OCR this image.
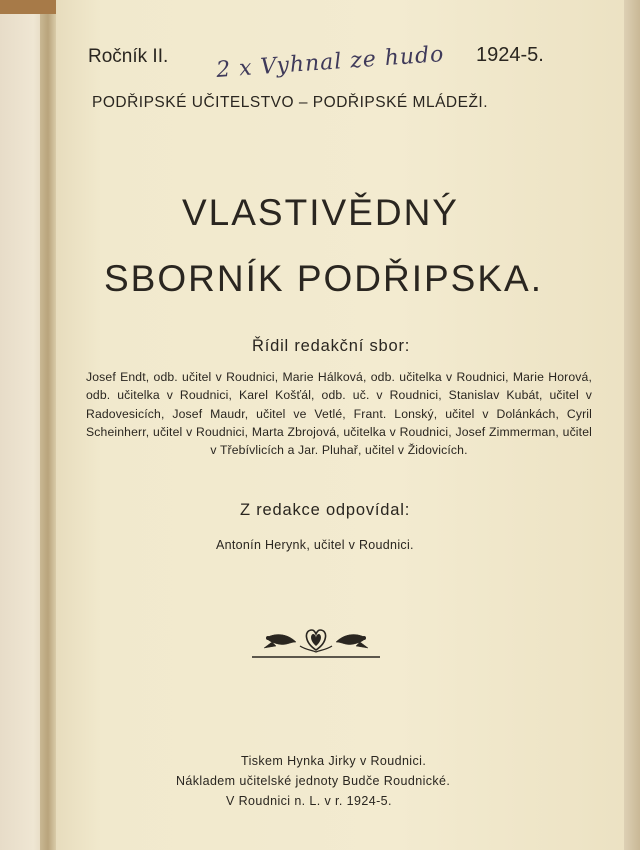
Ročník II. 2 x Vyhnal ze hudo 1924-5.
PODŘIPSKÉ UČITELSTVO – PODŘIPSKÉ MLÁDEŽI.
VLASTIVĚDNÝ
SBORNÍK PODŘIPSKA.
Řídil redakční sbor:
Josef Endt, odb. učitel v Roudnici, Marie Hálková, odb. učitelka v Roudnici, Marie Horová, odb. učitelka v Roudnici, Karel Košťál, odb. uč. v Roudnici, Stanislav Kubát, učitel v Radovesicích, Josef Maudr, učitel ve Vetlé, Frant. Lonský, učitel v Dolánkách, Cyril Scheinherr, učitel v Roudnici, Marta Zbrojová, učitelka v Roudnici, Josef Zimmerman, učitel v Třebívlicích a Jar. Pluhař, učitel v Židovicích.
Z redakce odpovídal:
Antonín Herynk, učitel v Roudnici.
Tiskem Hynka Jirky v Roudnici.
Nákladem učitelské jednoty Budče Roudnické.
V Roudnici n. L. v r. 1924-5.
